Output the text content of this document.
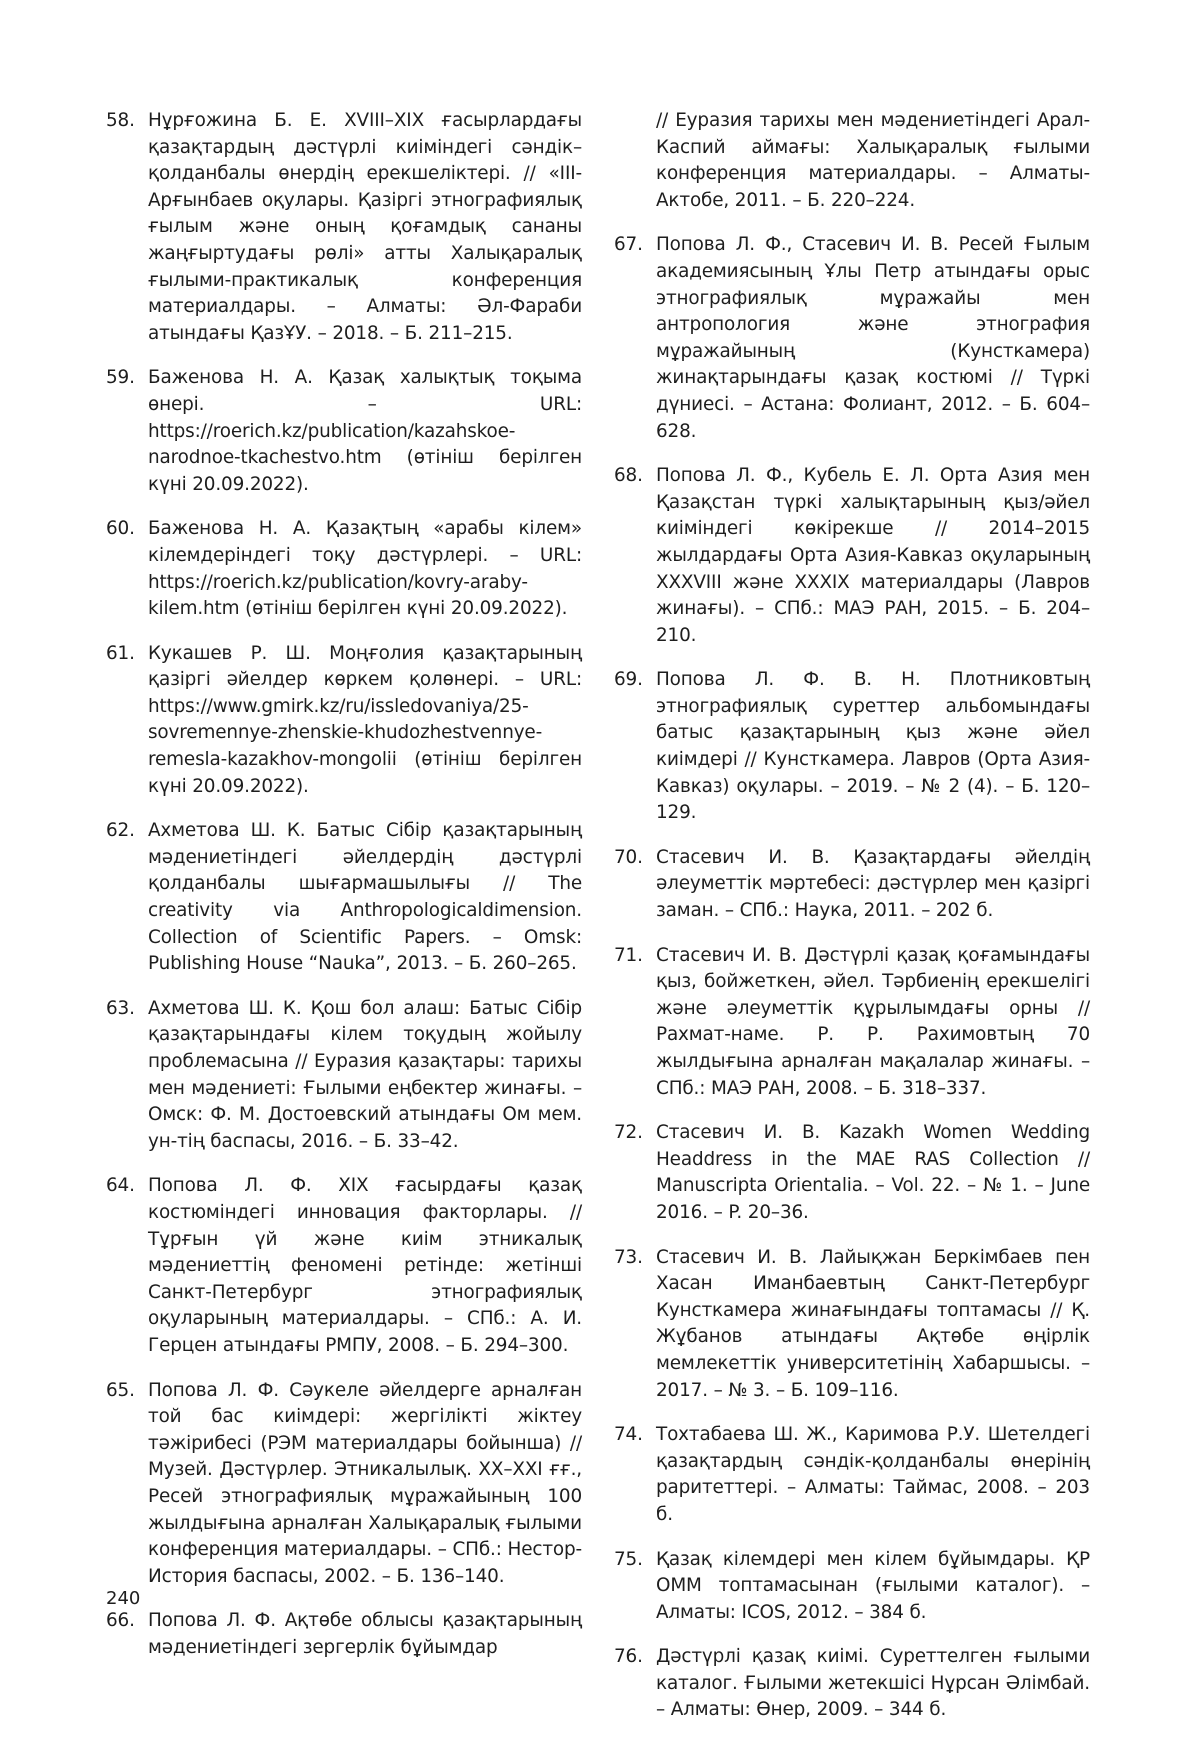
58. Нұрғожина Б. Е. XVIII–XIX ғасырлардағы қазақтардың дәстүрлі киіміндегі сәндік–қолданбалы өнердің ерекшеліктері. // «III-Арғынбаев оқулары. Қазіргі этнографиялық ғылым және оның қоғамдық сананы жаңғыртудағы рөлі» атты Халықаралық ғылыми-практикалық конференция материалдары. – Алматы: Әл-Фараби атындағы ҚазҰУ. – 2018. – Б. 211–215.
59. Баженова Н. А. Қазақ халықтық тоқыма өнері. – URL: https://roerich.kz/publication/kazahskoe-narodnoe-tkachestvo.htm (өтініш берілген күні 20.09.2022).
60. Баженова Н. А. Қазақтың «арабы кілем» кілемдеріндегі тоқу дәстүрлері. – URL: https://roerich.kz/publication/kovry-araby-kilem.htm (өтініш берілген күні 20.09.2022).
61. Кукашев Р. Ш. Моңғолия қазақтарының қазіргі әйелдер көркем қолөнері. – URL: https://www.gmirk.kz/ru/issledovaniya/25-sovremennye-zhenskie-khudozhestvennye-remesla-kazakhov-mongolii (өтініш берілген күні 20.09.2022).
62. Ахметова Ш. К. Батыс Сібір қазақтарының мәдениетіндегі әйелдердің дәстүрлі қолданбалы шығармашылығы // The creativity via Anthropologicaldimension. Collection of Scientific Papers. – Omsk: Publishing House “Nauka”, 2013. – Б. 260–265.
63. Ахметова Ш. К. Қош бол алаш: Батыс Сібір қазақтарындағы кілем тоқудың жойылу проблемасына // Еуразия қазақтары: тарихы мен мәдениеті: Ғылыми еңбектер жинағы. – Омск: Ф. М. Достоевский атындағы Ом мем. ун-тің баспасы, 2016. – Б. 33–42.
64. Попова Л. Ф. XIX ғасырдағы қазақ костюміндегі инновация факторлары. // Тұрғын үй және киім этникалық мәдениеттің феномені ретінде: жетінші Санкт-Петербург этнографиялық оқуларының материалдары. – СПб.: А. И. Герцен атындағы РМПУ, 2008. – Б. 294–300.
65. Попова Л. Ф. Сәукеле әйелдерге арналған той бас киімдері: жергілікті жіктеу тәжірибесі (РЭМ материалдары бойынша) // Музей. Дәстүрлер. Этникалылық. XX–XXI ғғ., Ресей этнографиялық мұражайының 100 жылдығына арналған Халықаралық ғылыми конференция материалдары. – СПб.: Нестор-История баспасы, 2002. – Б. 136–140.
66. Попова Л. Ф. Ақтөбе облысы қазақтарының мәдениетіндегі зергерлік бұйымдар
// Еуразия тарихы мен мәдениетіндегі Арал-Каспий аймағы: Халықаралық ғылыми конференция материалдары. – Алматы-Актобе, 2011. – Б. 220–224.
67. Попова Л. Ф., Стасевич И. В. Ресей Ғылым академиясының Ұлы Петр атындағы орыс этнографиялық мұражайы мен антропология және этнография мұражайының (Кунсткамера) жинақтарындағы қазақ костюмі // Түркі дүниесі. – Астана: Фолиант, 2012. – Б. 604–628.
68. Попова Л. Ф., Кубель Е. Л. Орта Азия мен Қазақстан түркі халықтарының қыз/әйел киіміндегі көкірекше // 2014–2015 жылдардағы Орта Азия-Кавказ оқуларының XXXVIII және XXXIX материалдары (Лавров жинағы). – СПб.: МАЭ РАН, 2015. – Б. 204–210.
69. Попова Л. Ф. В. Н. Плотниковтың этнографиялық суреттер альбомындағы батыс қазақтарының қыз және әйел киімдері // Кунсткамера. Лавров (Орта Азия-Кавказ) оқулары. – 2019. – № 2 (4). – Б. 120–129.
70. Стасевич И. В. Қазақтардағы әйелдің әлеуметтік мәртебесі: дәстүрлер мен қазіргі заман. – СПб.: Наука, 2011. – 202 б.
71. Стасевич И. В. Дәстүрлі қазақ қоғамындағы қыз, бойжеткен, әйел. Тәрбиенің ерекшелігі және әлеуметтік құрылымдағы орны // Рахмат-наме. Р. Р. Рахимовтың 70 жылдығына арналған мақалалар жинағы. – СПб.: МАЭ РАН, 2008. – Б. 318–337.
72. Стасевич И. В. Kazakh Women Wedding Headdress in the MAE RAS Collection // Manuscripta Orientalia. – Vol. 22. – № 1. – June 2016. – P. 20–36.
73. Стасевич И. В. Лайықжан Беркімбаев пен Хасан Иманбаевтың Санкт-Петербург Кунсткамера жинағындағы топтамасы // Қ. Жұбанов атындағы Ақтөбе өңірлік мемлекеттік университетінің Хабаршысы. – 2017. – № 3. – Б. 109–116.
74. Тохтабаева Ш. Ж., Каримова Р.У. Шетелдегі қазақтардың сәндік-қолданбалы өнерінің раритеттері. – Алматы: Таймас, 2008. – 203 б.
75. Қазақ кілемдері мен кілем бұйымдары. ҚР ОММ топтамасынан (ғылыми каталог). – Алматы: ICOS, 2012. – 384 б.
76. Дәстүрлі қазақ киімі. Суреттелген ғылыми каталог. Ғылыми жетекшісі Нұрсан Әлімбай. – Алматы: Өнер, 2009. – 344 б.
240
